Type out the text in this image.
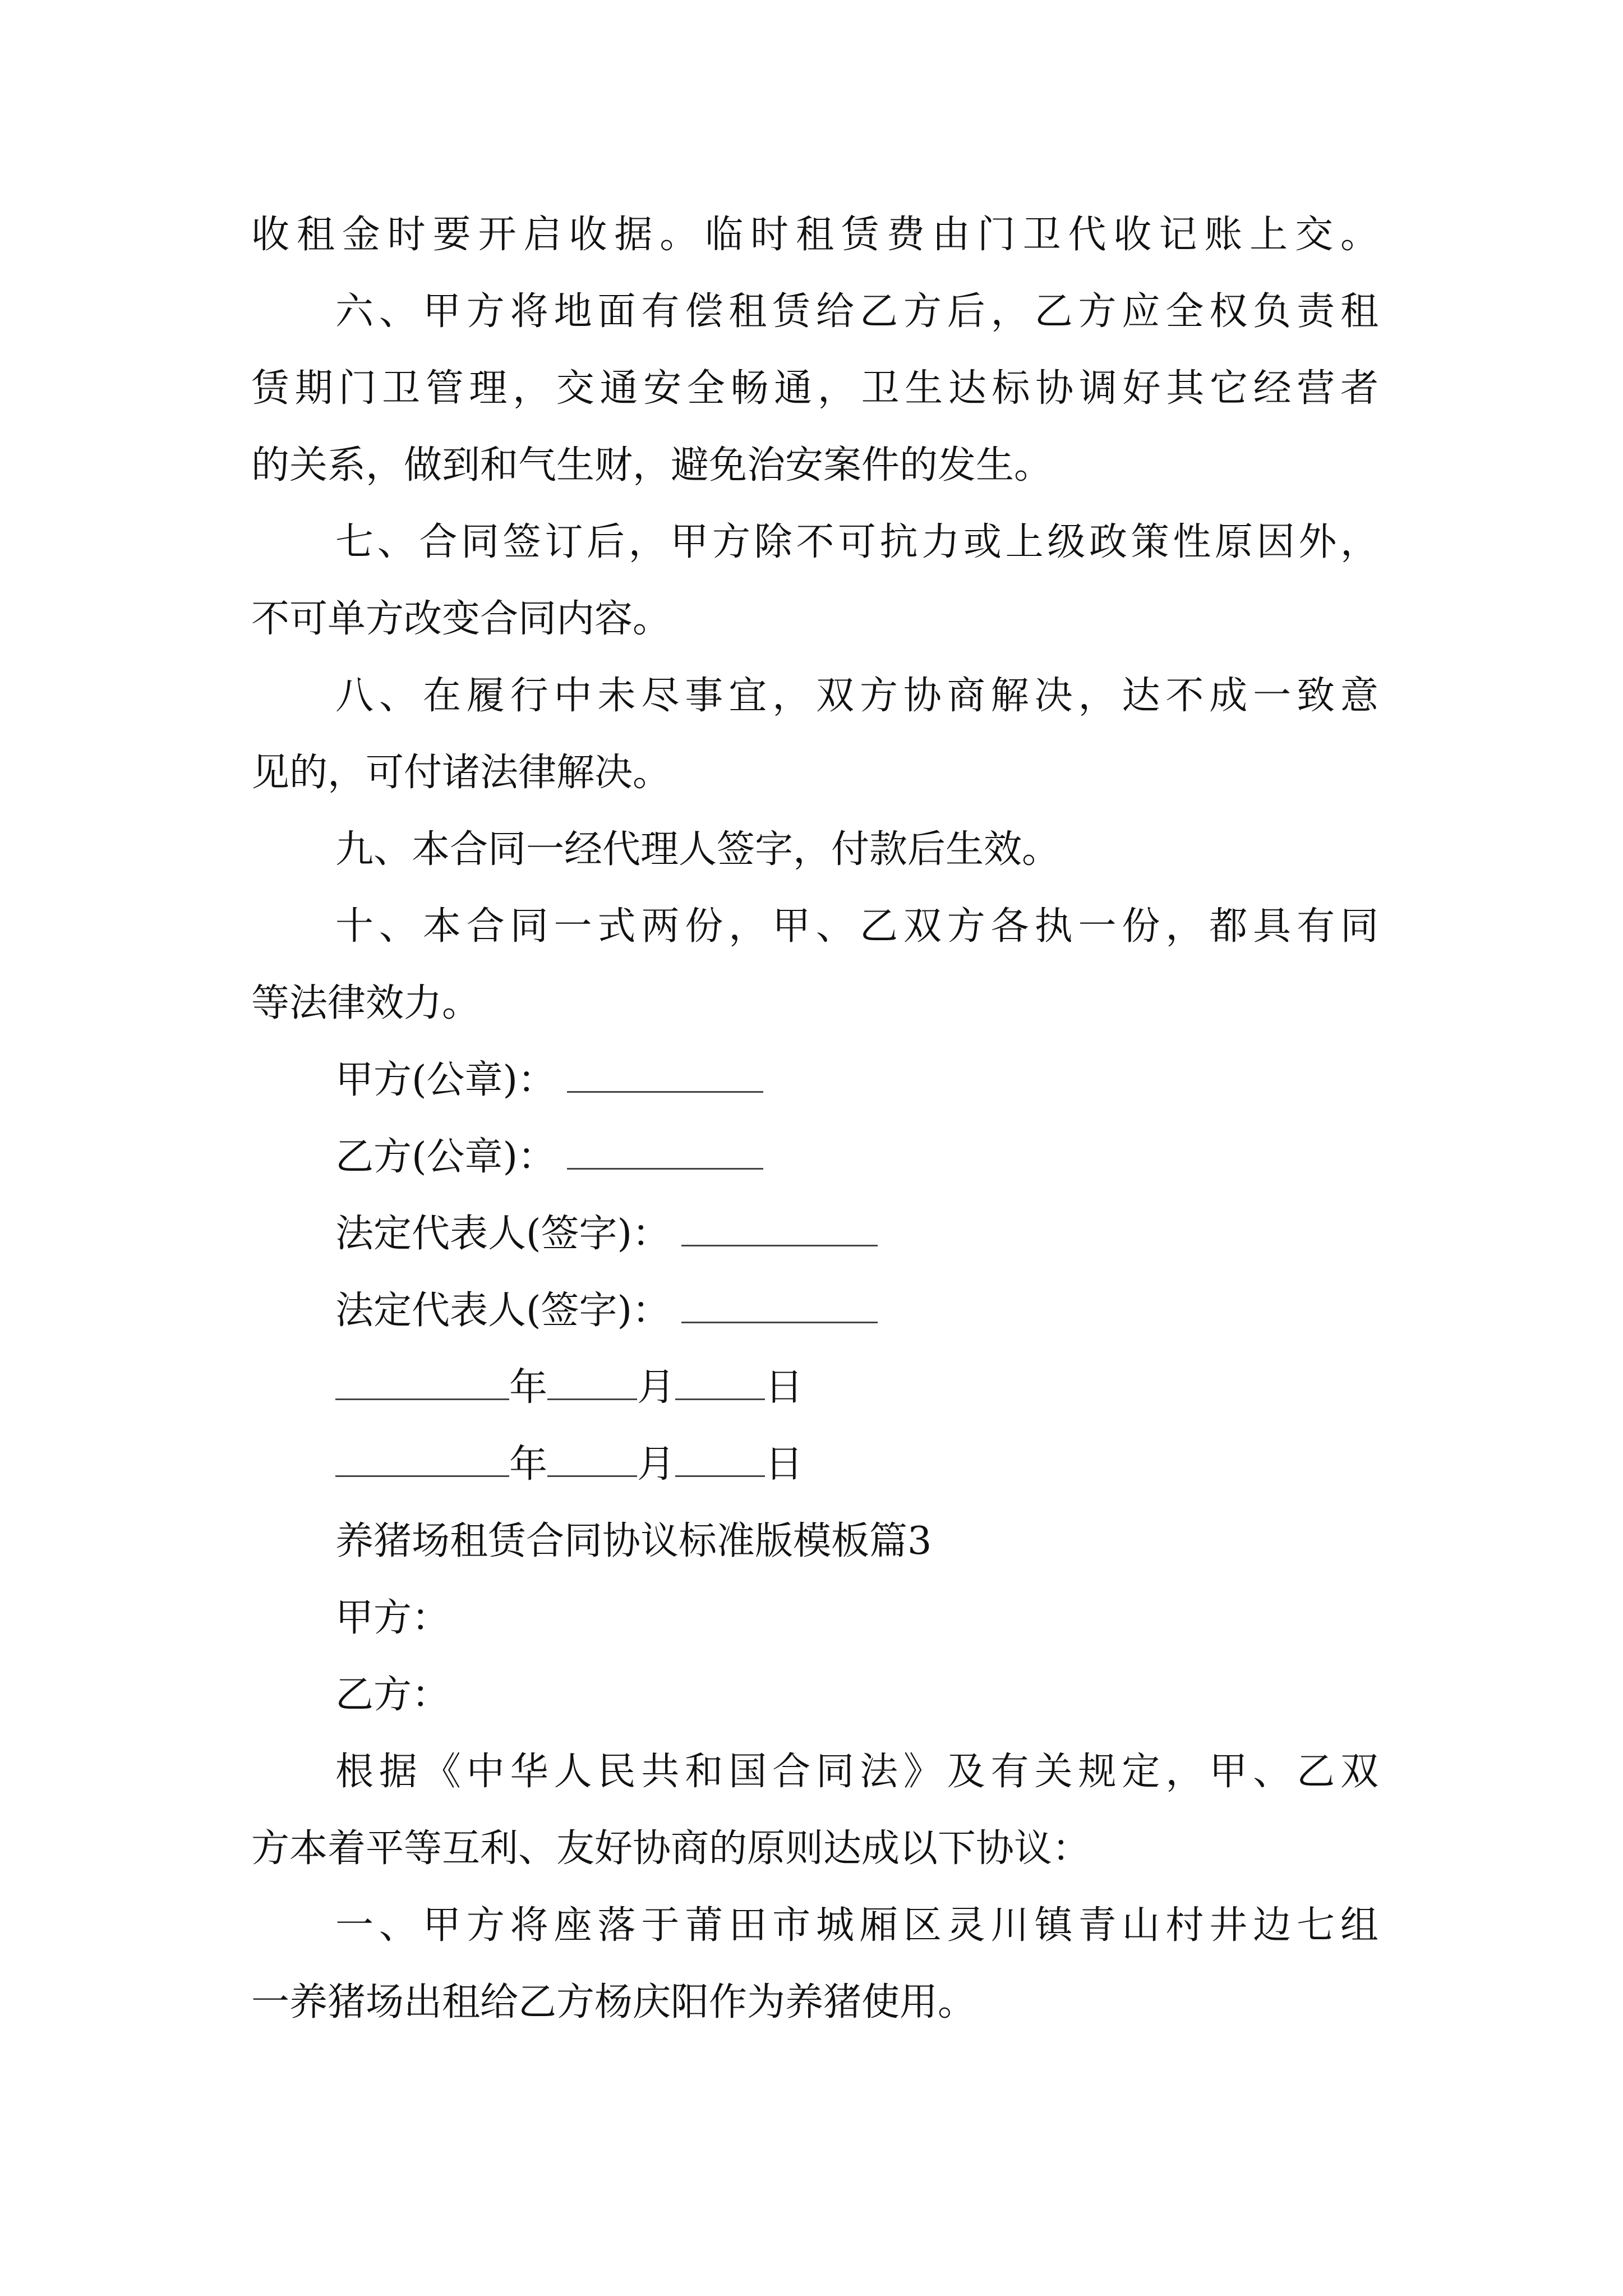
收租金时要开启收据。临时租赁费由门卫代收记账上交。
六、甲方将地面有偿租赁给乙方后，乙方应全权负责租
赁期门卫管理，交通安全畅通，卫生达标协调好其它经营者
的关系，做到和气生财，避免治安案件的发生。
七、合同签订后，甲方除不可抗力或上级政策性原因外，
不可单方改变合同内容。
八、在履行中未尽事宜，双方协商解决，达不成一致意
见的，可付诸法律解决。
九、本合同一经代理人签字，付款后生效。
十、本合同一式两份，甲、乙双方各执一份，都具有同
等法律效力。
甲方(公章)：
乙方(公章)：
法定代表人(签字)：
法定代表人(签字)：
年 月 日
年 月 日
养猪场租赁合同协议标准版模板篇3
甲方：
乙方：
根据《中华人民共和国合同法》及有关规定，甲、乙双
方本着平等互利、友好协商的原则达成以下协议：
一、甲方将座落于莆田市城厢区灵川镇青山村井边七组
一养猪场出租给乙方杨庆阳作为养猪使用。
